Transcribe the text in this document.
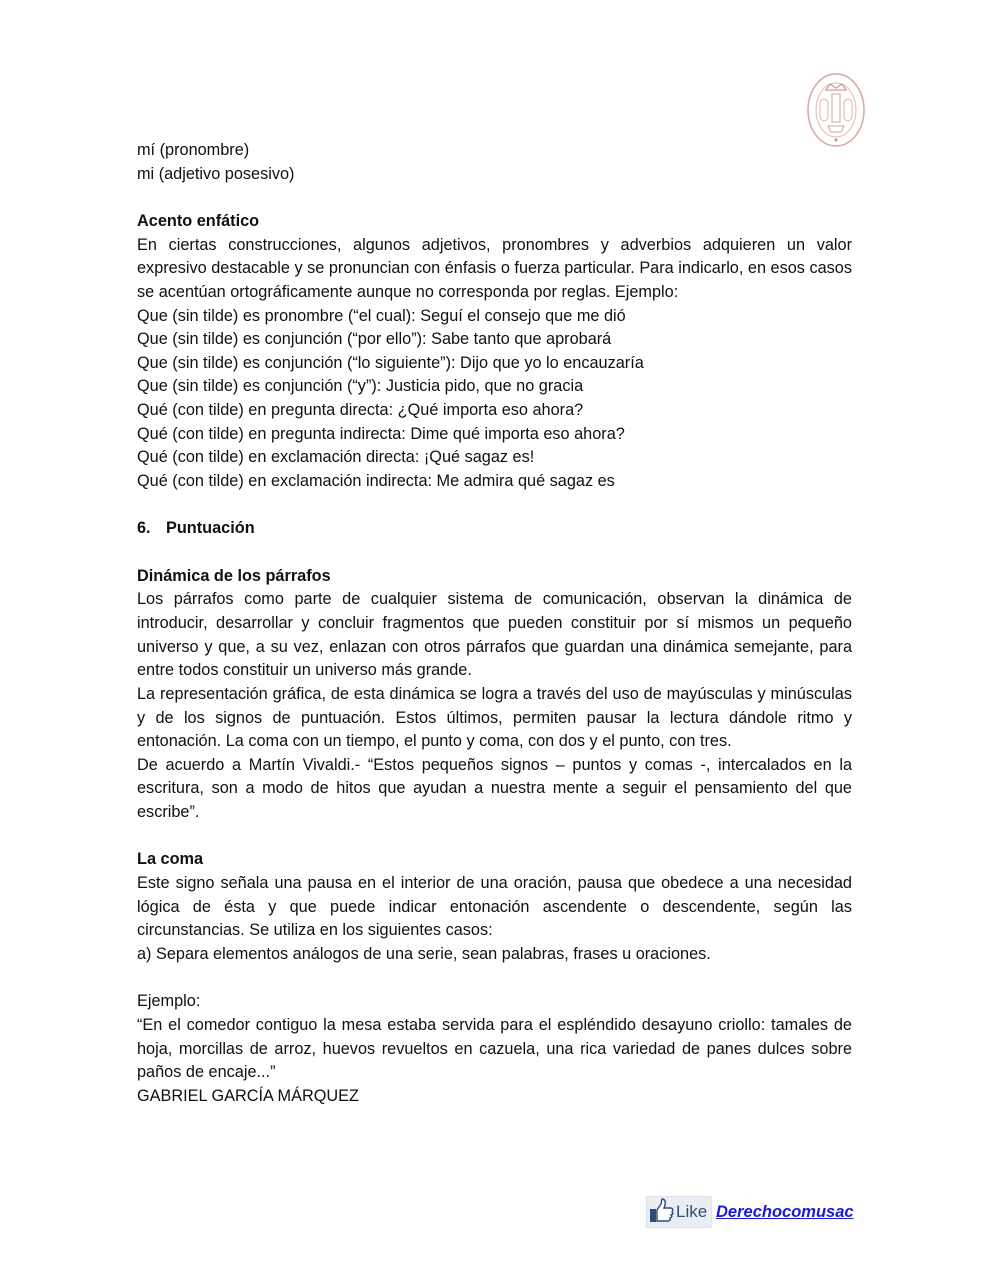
mí (pronombre)
mi (adjetivo posesivo)
Acento enfático
En ciertas construcciones, algunos adjetivos, pronombres y adverbios adquieren un valor expresivo destacable y se pronuncian con énfasis o fuerza particular. Para indicarlo, en esos casos se acentúan ortográficamente aunque no corresponda por reglas. Ejemplo:
Que (sin tilde) es pronombre (“el cual): Seguí el consejo que me dió
Que (sin tilde) es conjunción (“por ello”): Sabe tanto que aprobará
Que (sin tilde) es conjunción (“lo siguiente”): Dijo que yo lo encauzaría
Que (sin tilde) es conjunción (“y”): Justicia pido, que no gracia
Qué (con tilde) en pregunta directa: ¿Qué importa eso ahora?
Qué (con tilde) en pregunta indirecta: Dime qué importa eso ahora?
Qué (con tilde) en exclamación directa: ¡Qué sagaz es!
Qué (con tilde) en exclamación indirecta: Me admira qué sagaz es
6. Puntuación
Dinámica de los párrafos
Los párrafos como parte de cualquier sistema de comunicación, observan la dinámica de introducir, desarrollar y concluir fragmentos que pueden constituir por sí mismos un pequeño universo y que, a su vez, enlazan con otros párrafos que guardan una dinámica semejante, para entre todos constituir un universo más grande.
La representación gráfica, de esta dinámica se logra a través del uso de mayúsculas y minúsculas y de los signos de puntuación. Estos últimos, permiten pausar la lectura dándole ritmo y entonación. La coma con un tiempo, el punto y coma, con dos y el punto, con tres.
De acuerdo a Martín Vivaldi.- “Estos pequeños signos – puntos y comas -, intercalados en la escritura, son a modo de hitos que ayudan a nuestra mente a seguir el pensamiento del que escribe”.
La coma
Este signo señala una pausa en el interior de una oración, pausa que obedece a una necesidad lógica de ésta y que puede indicar entonación ascendente o descendente, según las circunstancias. Se utiliza en los siguientes casos:
a) Separa elementos análogos de una serie, sean palabras, frases u oraciones.
Ejemplo:
“En el comedor contiguo la mesa estaba servida para el espléndido desayuno criollo: tamales de hoja, morcillas de arroz, huevos revueltos en cazuela, una rica variedad de panes dulces sobre paños de encaje...”
GABRIEL GARCÍA MÁRQUEZ
Like Derechocomusac
